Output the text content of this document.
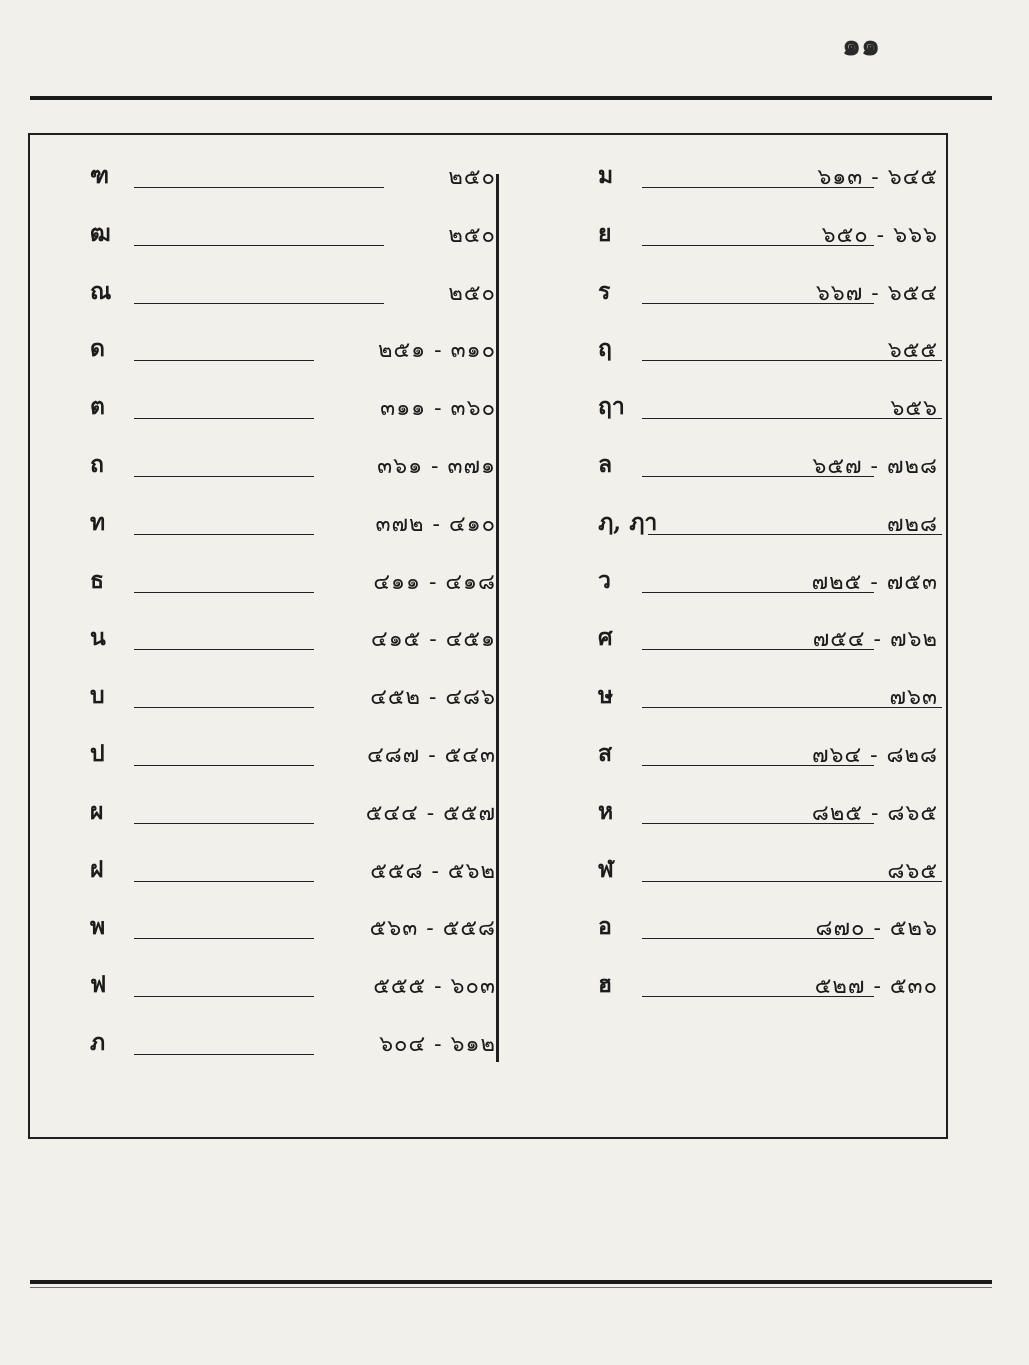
๑๑
ฑ	๒๕๐
ฒ	๒๕๐
ณ	๒๕๐
ด	๒๕๑ - ๓๑๐
ต	๓๑๑ - ๓๖๐
ถ	๓๖๑ - ๓๗๑
ท	๓๗๒ - ๔๑๐
ธ	๔๑๑ - ๔๑๘
น	๔๑๕ - ๔๕๑
บ	๔๕๒ - ๔๘๖
ป	๔๘๗ - ๕๔๓
ผ	๕๔๔ - ๕๕๗
ฝ	๕๕๘ - ๕๖๒
พ	๕๖๓ - ๕๕๘
ฟ	๕๕๕ - ๖๐๓
ภ	๖๐๔ - ๖๑๒
ม	๖๑๓ - ๖๔๕
ย	๖๕๐ - ๖๖๖
ร	๖๖๗ - ๖๕๔
ฤ	๖๕๕
ฤา	๖๕๖
ล	๖๕๗ - ๗๒๘
ฦ, ฦา	๗๒๘
ว	๗๒๕ - ๗๕๓
ศ	๗๕๔ - ๗๖๒
ษ	๗๖๓
ส	๗๖๔ - ๘๒๘
ห	๘๒๕ - ๘๖๕
ฬ	๘๖๕
อ	๘๗๐ - ๕๒๖
ฮ	๕๒๗ - ๕๓๐
